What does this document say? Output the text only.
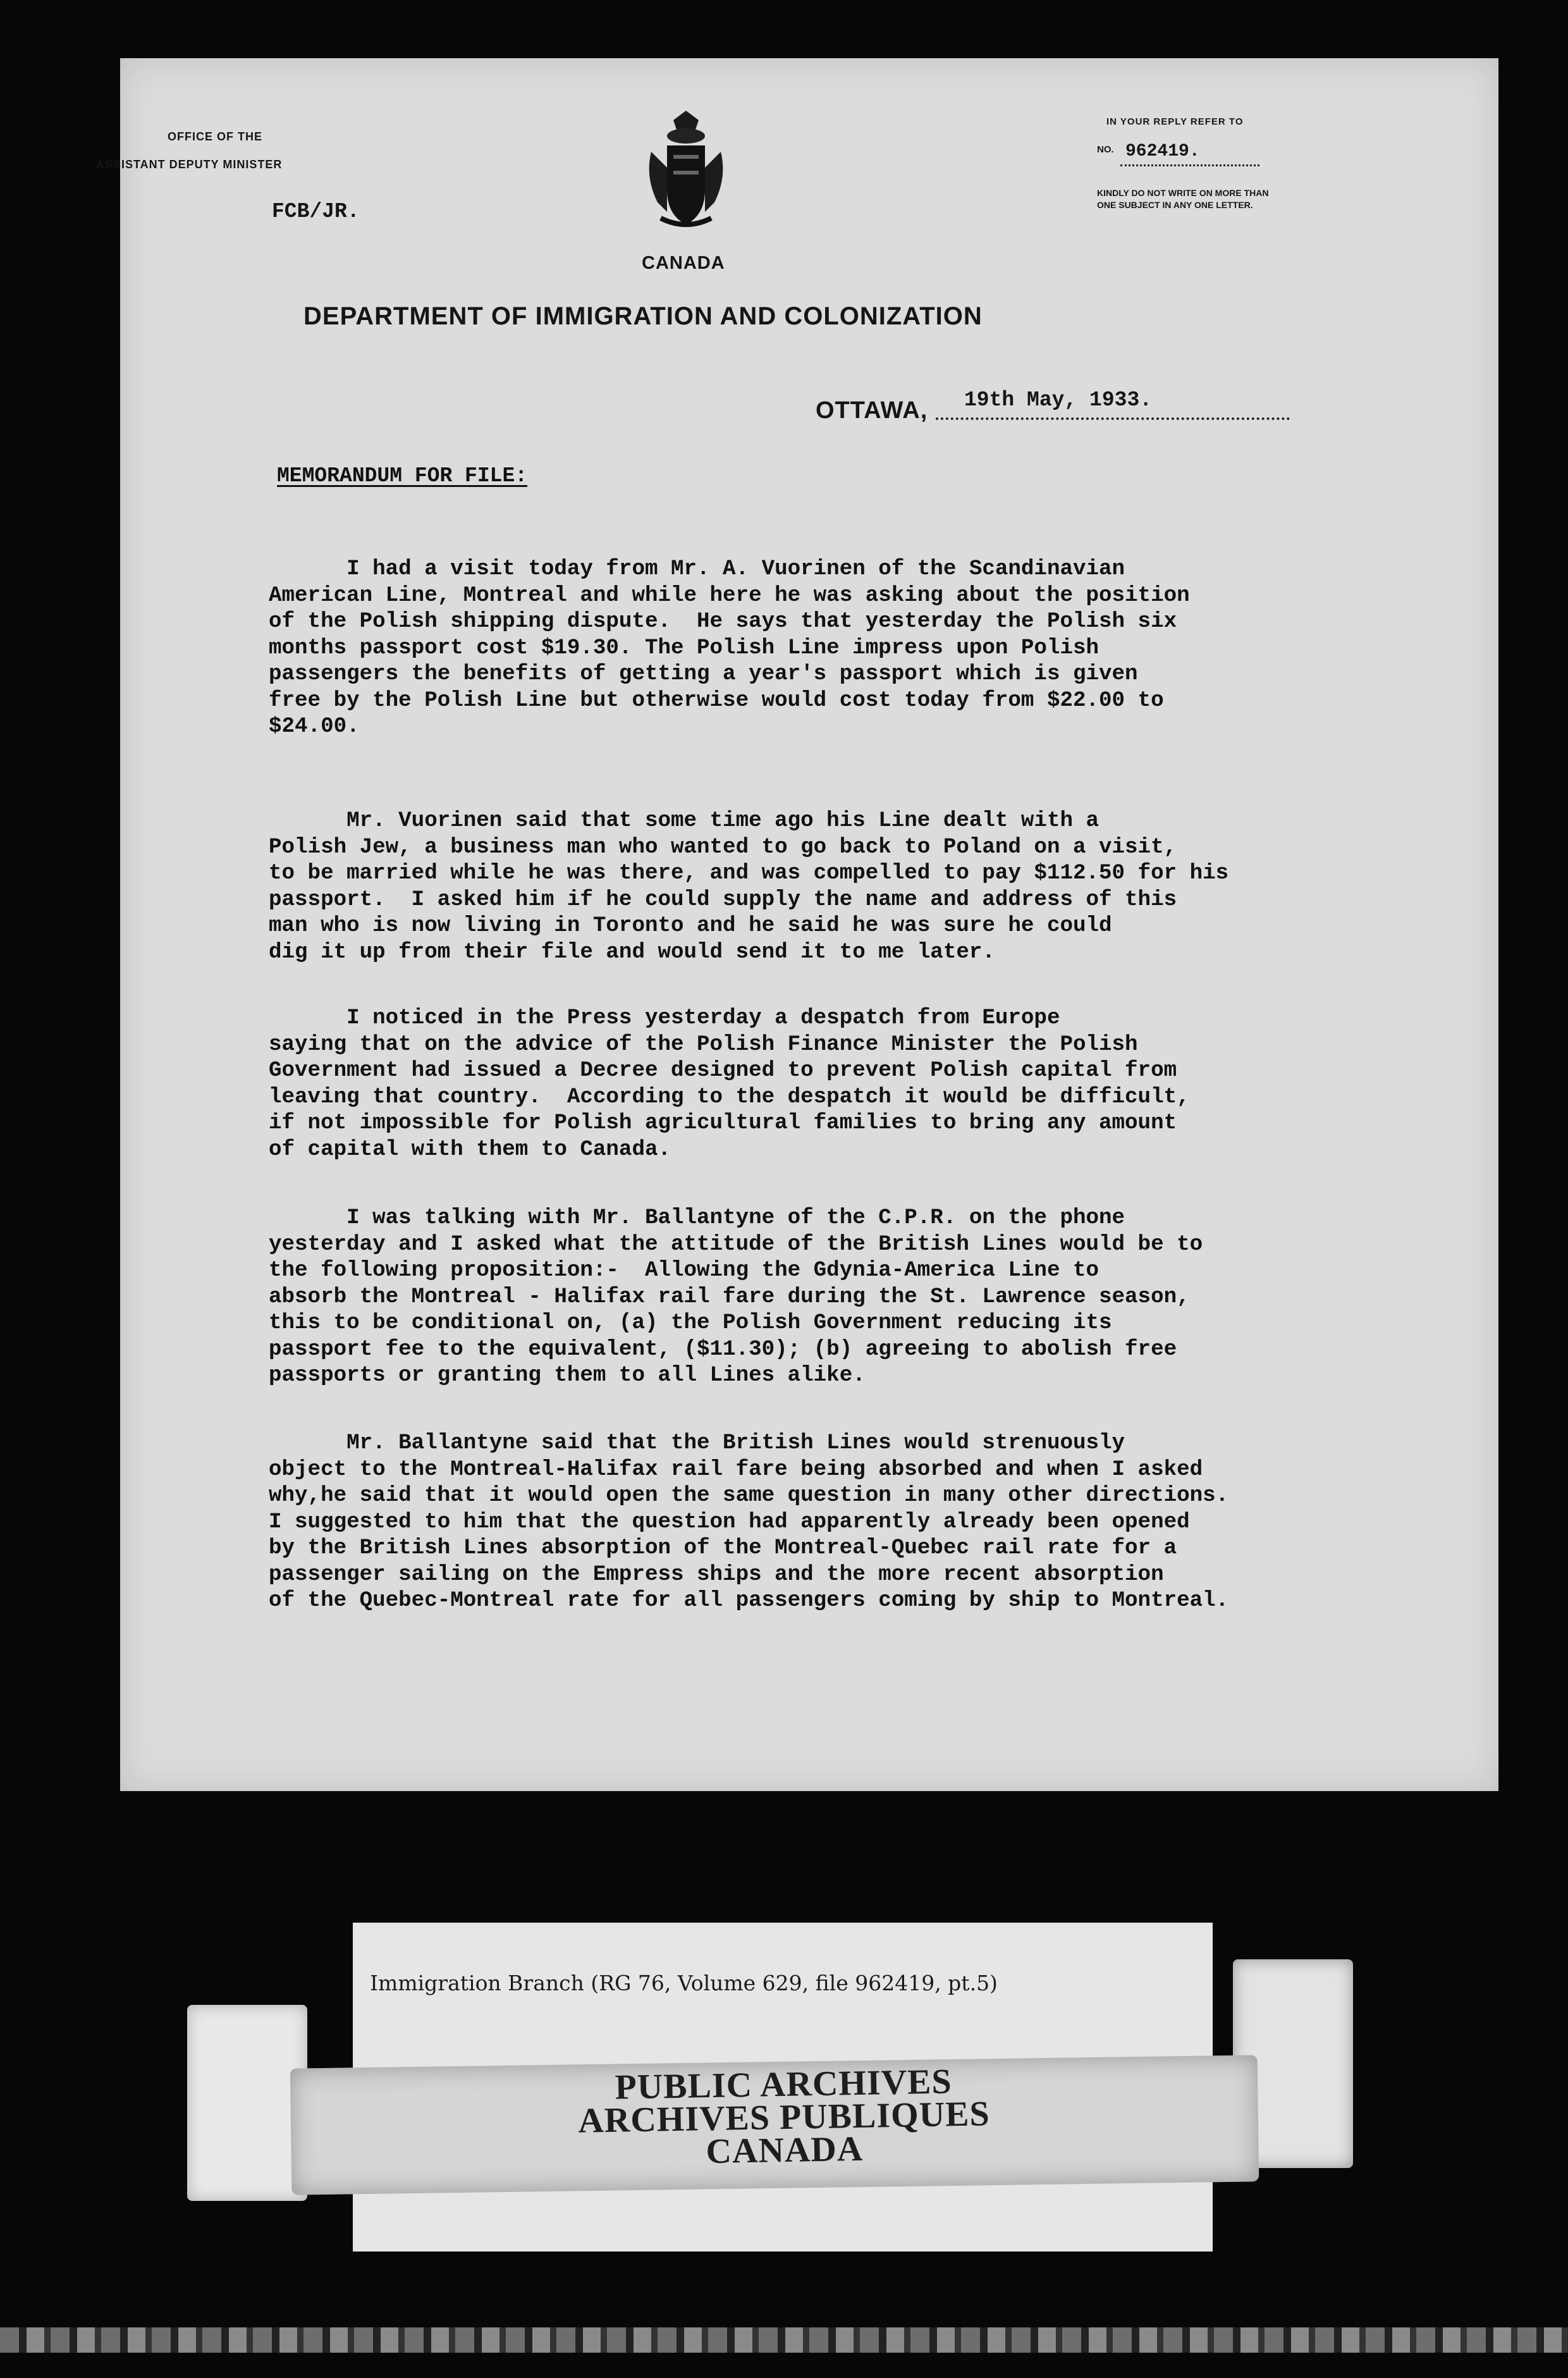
OFFICE OF THE
ASSISTANT DEPUTY MINISTER
FCB/JR.
CANADA
DEPARTMENT OF IMMIGRATION AND COLONIZATION
IN YOUR REPLY REFER TO
NO. 962419.
KINDLY DO NOT WRITE ON MORE THAN ONE SUBJECT IN ANY ONE LETTER.
OTTAWA, 19th May, 1933.
MEMORANDUM FOR FILE:

I had a visit today from Mr. A. Vuorinen of the Scandinavian
American Line, Montreal and while here he was asking about the position
of the Polish shipping dispute.  He says that yesterday the Polish six
months passport cost $19.30. The Polish Line impress upon Polish
passengers the benefits of getting a year's passport which is given
free by the Polish Line but otherwise would cost today from $22.00 to
$24.00.

Mr. Vuorinen said that some time ago his Line dealt with a
Polish Jew, a business man who wanted to go back to Poland on a visit,
to be married while he was there, and was compelled to pay $112.50 for his
passport.  I asked him if he could supply the name and address of this
man who is now living in Toronto and he said he was sure he could
dig it up from their file and would send it to me later.

I noticed in the Press yesterday a despatch from Europe
saying that on the advice of the Polish Finance Minister the Polish
Government had issued a Decree designed to prevent Polish capital from
leaving that country.  According to the despatch it would be difficult,
if not impossible for Polish agricultural families to bring any amount
of capital with them to Canada.

I was talking with Mr. Ballantyne of the C.P.R. on the phone
yesterday and I asked what the attitude of the British Lines would be to
the following proposition:-  Allowing the Gdynia-America Line to
absorb the Montreal - Halifax rail fare during the St. Lawrence season,
this to be conditional on, (a) the Polish Government reducing its
passport fee to the equivalent, ($11.30); (b) agreeing to abolish free
passports or granting them to all Lines alike.

Mr. Ballantyne said that the British Lines would strenuously
object to the Montreal-Halifax rail fare being absorbed and when I asked
why,he said that it would open the same question in many other directions.
I suggested to him that the question had apparently already been opened
by the British Lines absorption of the Montreal-Quebec rail rate for a
passenger sailing on the Empress ships and the more recent absorption
of the Quebec-Montreal rate for all passengers coming by ship to Montreal.

Immigration Branch (RG 76, Volume 629, file 962419, pt.5)
PUBLIC ARCHIVES
ARCHIVES PUBLIQUES
CANADA
